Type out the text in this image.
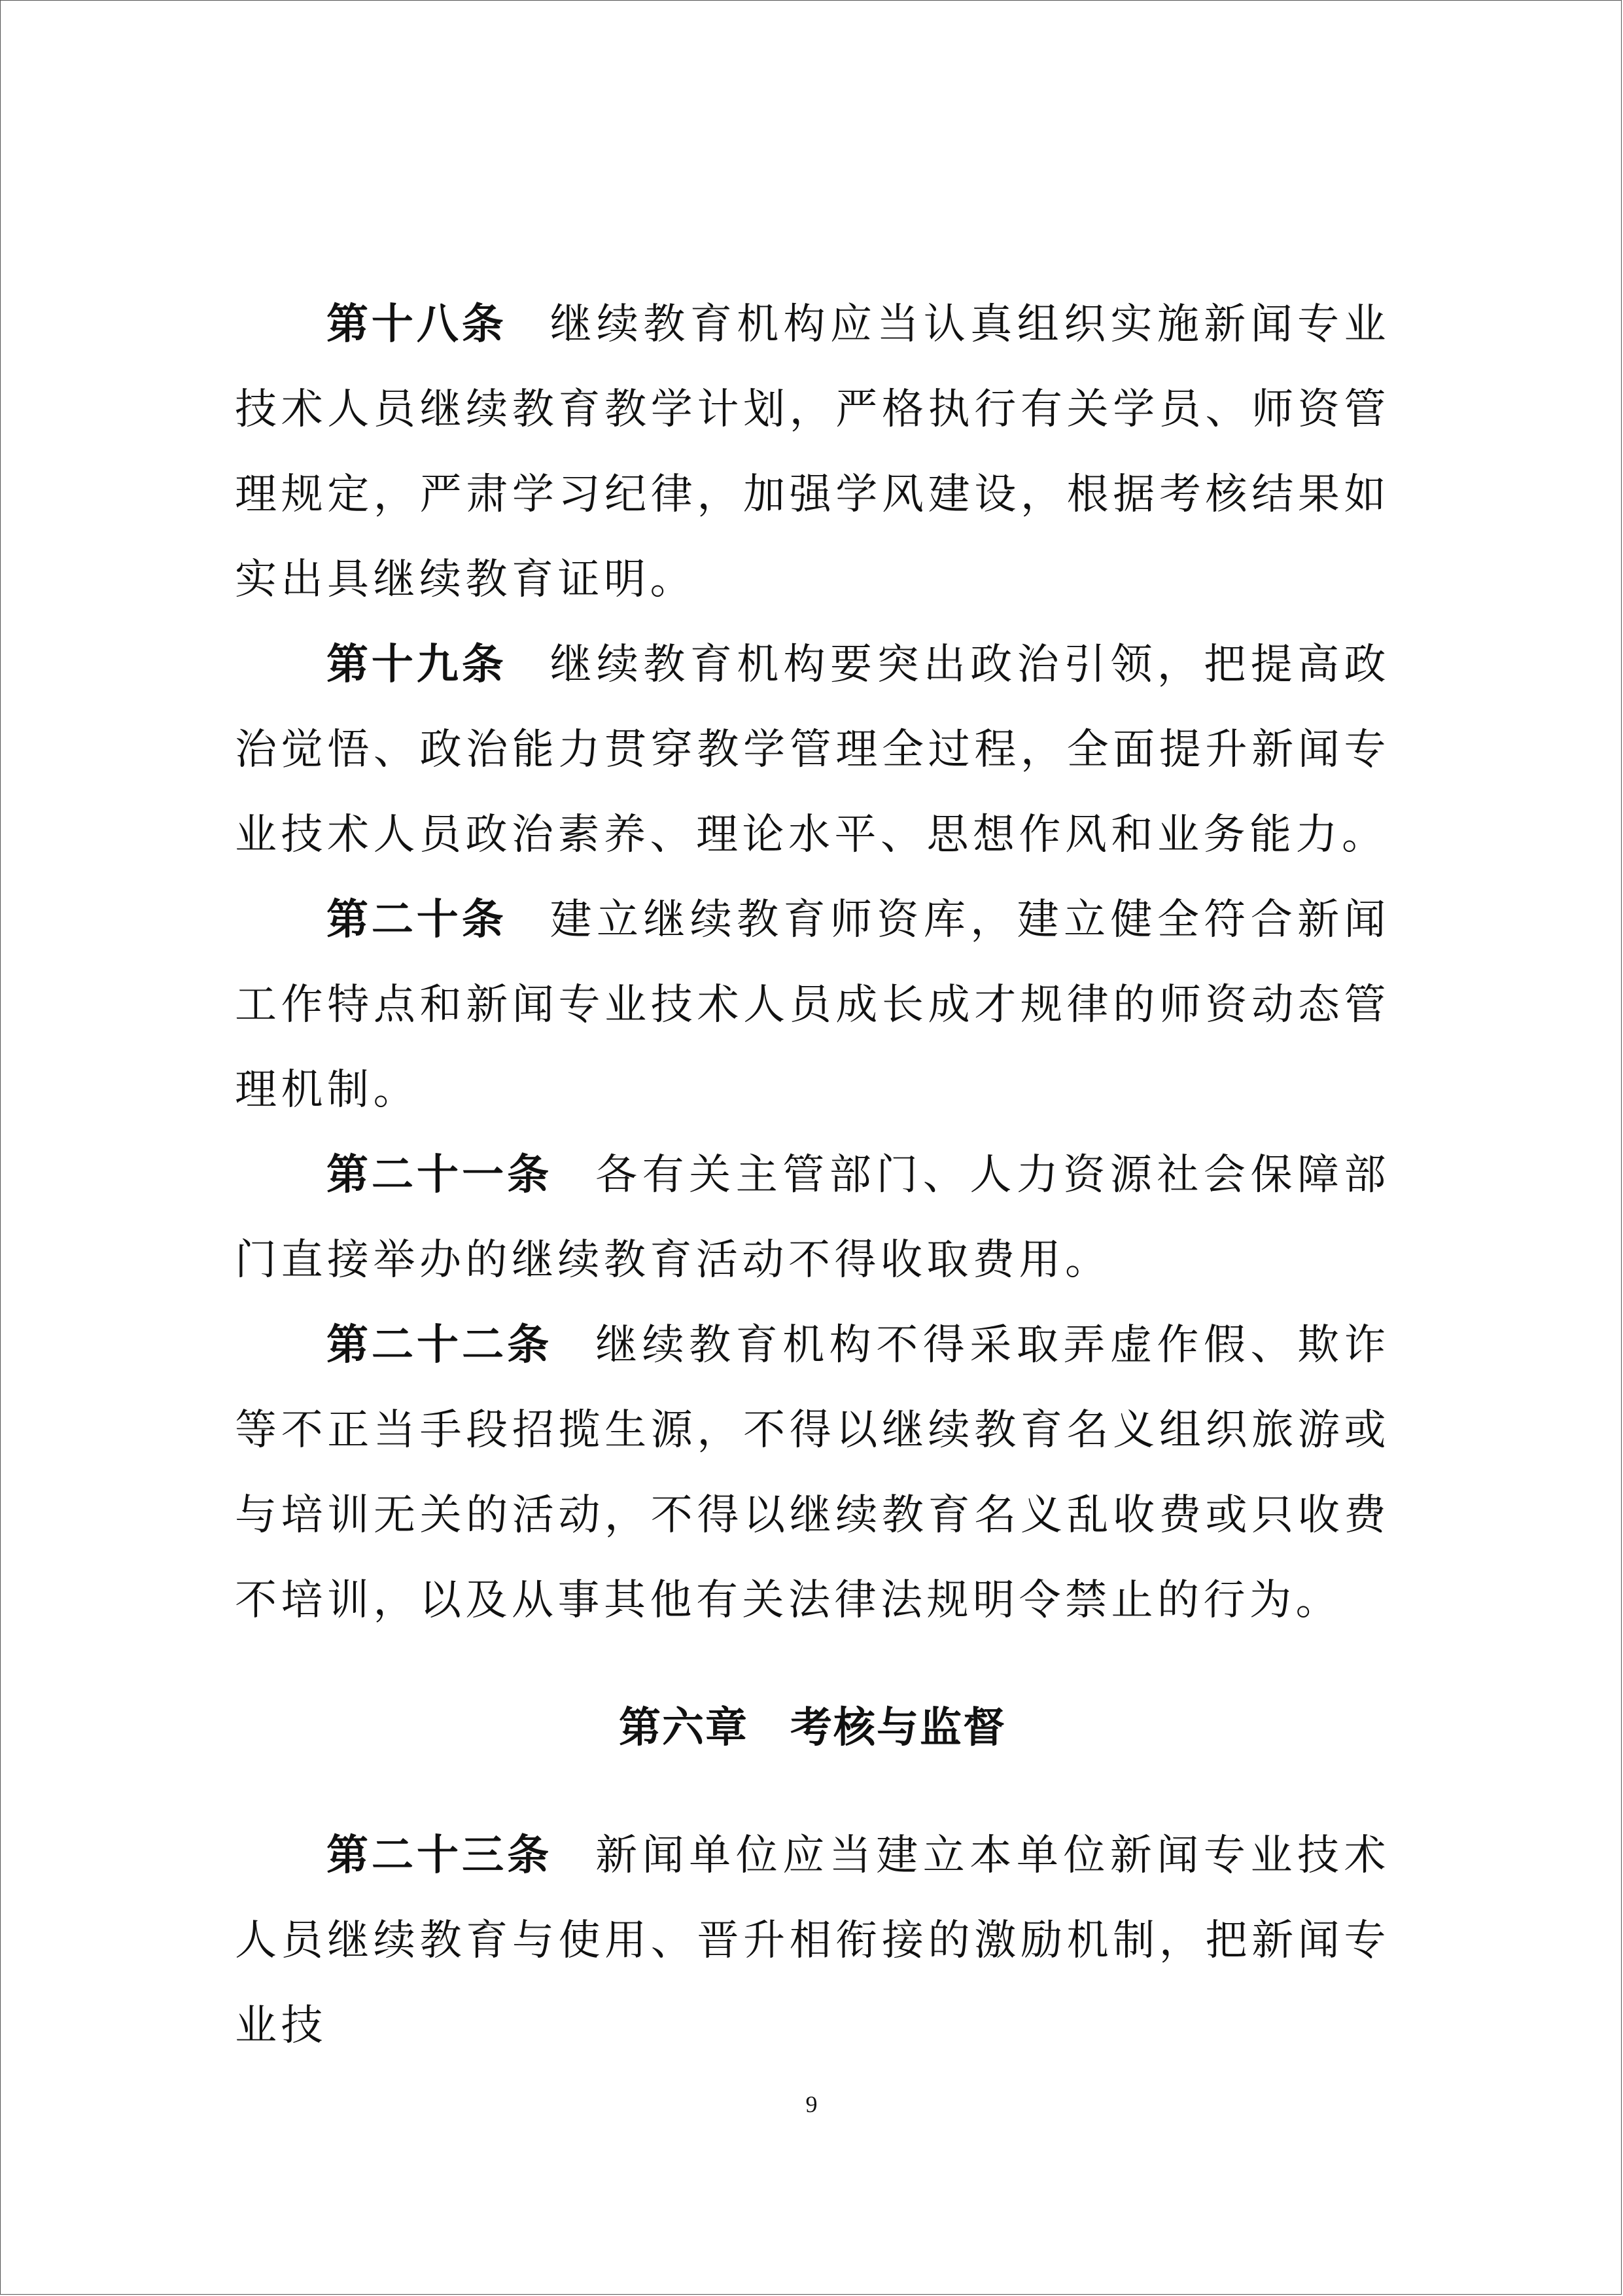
第十八条 继续教育机构应当认真组织实施新闻专业技术人员继续教育教学计划，严格执行有关学员、师资管理规定，严肃学习纪律，加强学风建设，根据考核结果如实出具继续教育证明。

第十九条 继续教育机构要突出政治引领，把提高政治觉悟、政治能力贯穿教学管理全过程，全面提升新闻专业技术人员政治素养、理论水平、思想作风和业务能力。

第二十条 建立继续教育师资库，建立健全符合新闻工作特点和新闻专业技术人员成长成才规律的师资动态管理机制。

第二十一条 各有关主管部门、人力资源社会保障部门直接举办的继续教育活动不得收取费用。

第二十二条 继续教育机构不得采取弄虚作假、欺诈等不正当手段招揽生源，不得以继续教育名义组织旅游或与培训无关的活动，不得以继续教育名义乱收费或只收费不培训，以及从事其他有关法律法规明令禁止的行为。

第六章 考核与监督

第二十三条 新闻单位应当建立本单位新闻专业技术人员继续教育与使用、晋升相衔接的激励机制，把新闻专业技

9
